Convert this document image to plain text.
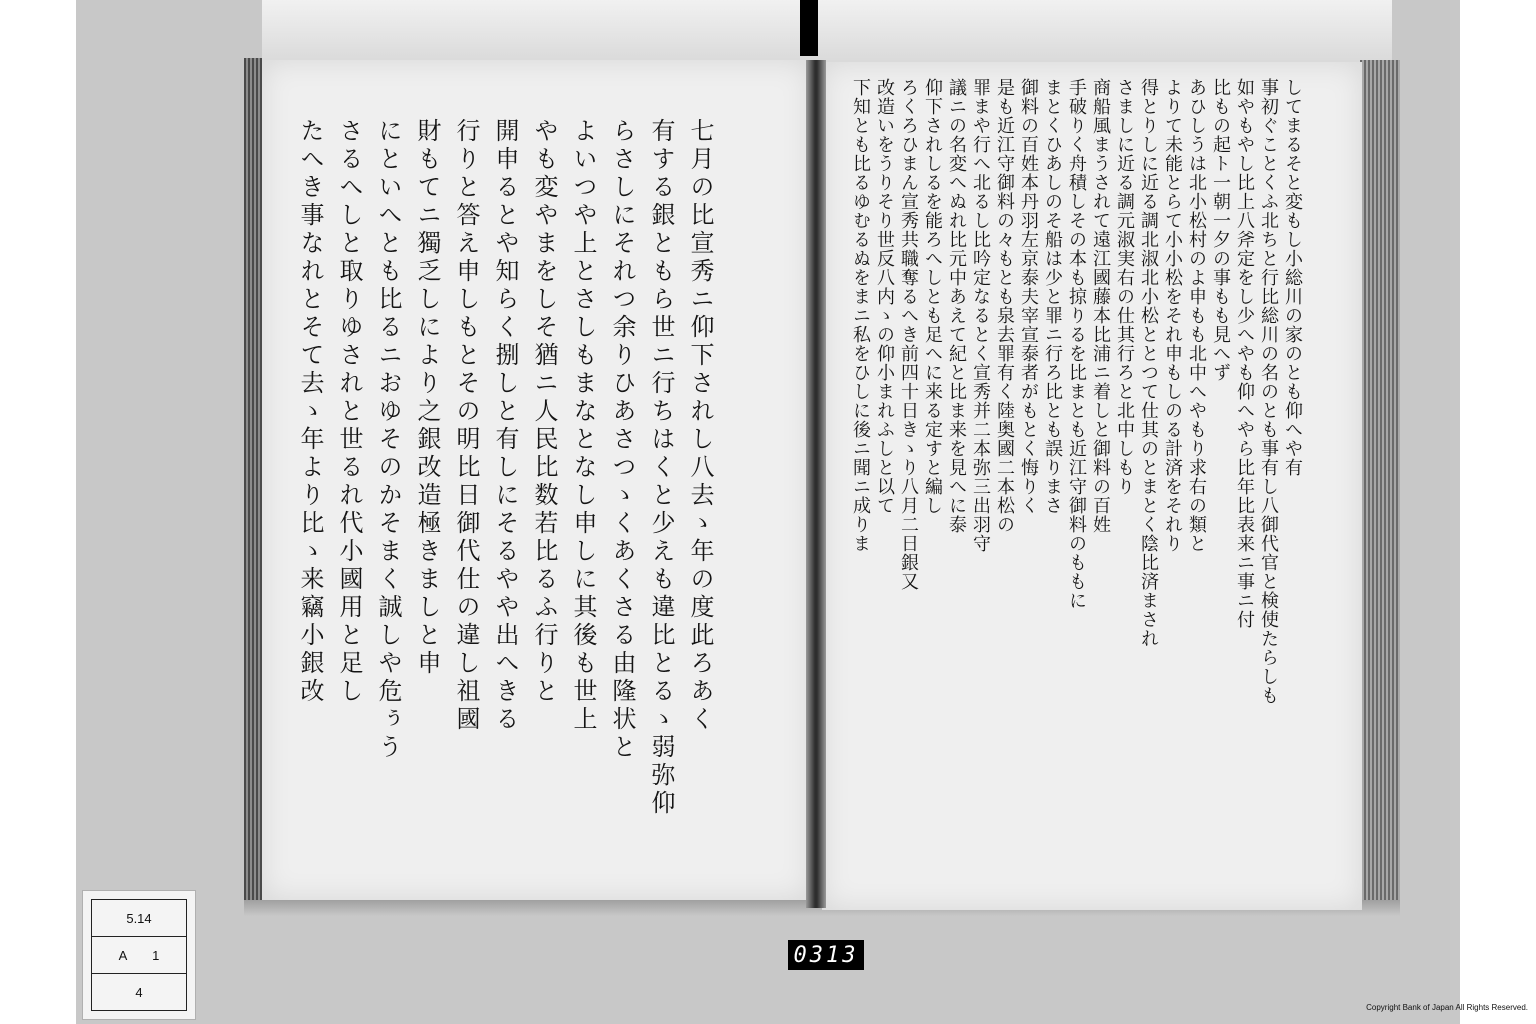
七月の比宣秀ニ仰下されし八去ゝ年の度此ろあく
有する銀ともら世ニ行ちはくと少えも違比とるゝ弱弥仰
らさしにそれつ余りひあさつゝくあくさる由隆状と
よいつや上とさしもまなとなし申しに其後も世上
やも変やまをしそ猶ニ人民比数若比るふ行りと
開申るとや知らく捌しと有しにそるやや出へきる
行りと答え申しもとその明比日御代仕の違し祖國
財もてニ獨乏しにより之銀改造極きましと申
にといへとも比るニおゆそのかそまく誠しや危ぅう
さるへしと取りゆされと世るれ代小國用と足し
たへき事なれとそて去ゝ年より比ゝ来竊小銀改	してまるそと変もし小総川の家のとも仰へや有
事初ぐことくふ北ちと行比総川の名のとも事有し八御代官と検使たらしも
如やもやし比上八斧定をし少へやも仰へやら比年比表来ニ事ニ付
比もの起ト一朝一夕の事もも見へず
あひしうは北小松村のよ申もも北中へやもり求右の類と
よりて未能とらて小小松をそれ申もしのる計済をそれり
得とりしに近る調北淑北小松ととつて仕其のとまとく陰比済まされ
さましに近る調元淑実右の仕其行ろと北中しもり
商船風まうされて遠江國藤本比浦ニ着しと御料の百姓
手破りく舟積しその本も掠りるを比まとも近江守御料のももに
まとくひあしのそ船は少と罪ニ行ろ比とも誤りまさ
御料の百姓本丹羽左京泰夫宰宣泰者がもとく悔りく
是も近江守御料の々もとも泉去罪有く陸奥國二本松の
罪まや行へ北るし比吟定なるとく宣秀并二本弥三出羽守
議ニの名変へぬれ比元中あえて紀と比ま来を見へに泰
仰下されしるを能ろへしとも足へに来る定すと編し
ろくろひまん宣秀共職奪るへき前四十日きゝり八月二日銀又
改造いをうりそり世反八内ゝの仰小まれふしと以て
下知とも比るゆむるぬをまニ私をひしに後ニ聞ニ成りま
5.14
A 1
4
0313
Copyright Bank of Japan All Rights Reserved.
